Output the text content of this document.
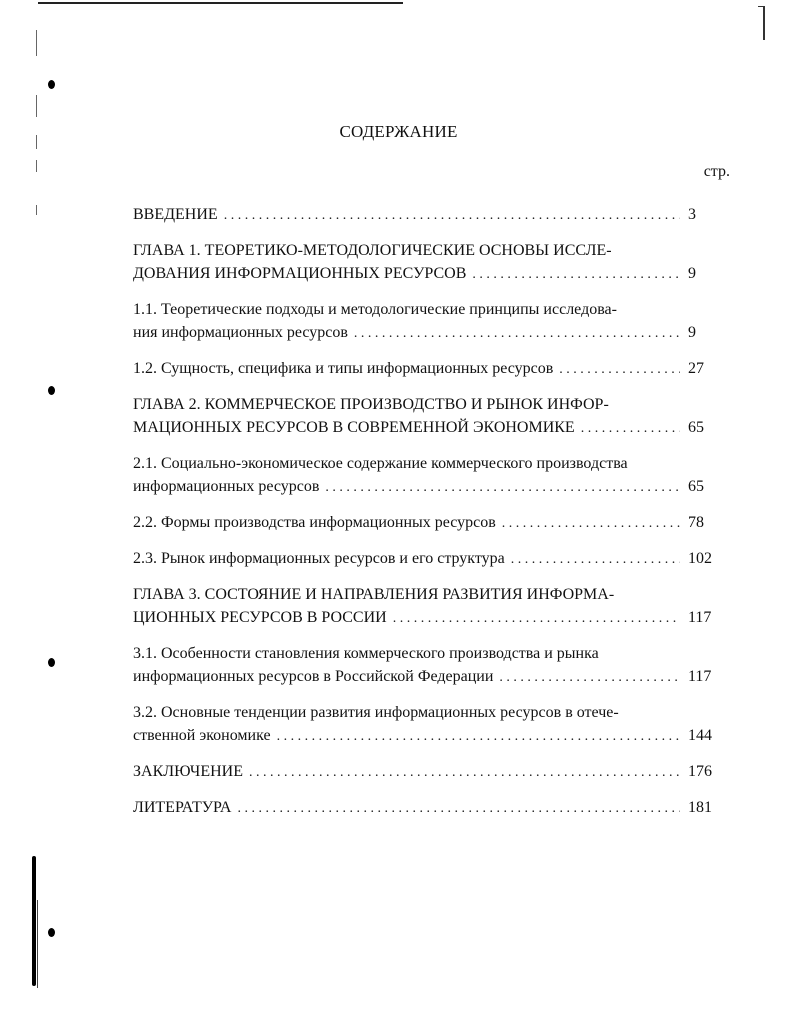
СОДЕРЖАНИЕ
стр.
ВВЕДЕНИЕ . . .	3
ГЛАВА 1. ТЕОРЕТИКО-МЕТОДОЛОГИЧЕСКИЕ ОСНОВЫ ИССЛЕ-
ДОВАНИЯ ИНФОРМАЦИОННЫХ РЕСУРСОВ . . .	9
1.1. Теоретические подходы и методологические принципы исследова-
ния информационных ресурсов . . .	9
1.2. Сущность, специфика и типы информационных ресурсов . . .	27
ГЛАВА 2. КОММЕРЧЕСКОЕ ПРОИЗВОДСТВО И РЫНОК ИНФОР-
МАЦИОННЫХ РЕСУРСОВ В СОВРЕМЕННОЙ ЭКОНОМИКЕ . . .	65
2.1. Социально-экономическое содержание коммерческого производства
информационных ресурсов . . .	65
2.2. Формы производства информационных ресурсов . . .	78
2.3. Рынок информационных ресурсов и его структура . . .	102
ГЛАВА 3. СОСТОЯНИЕ И НАПРАВЛЕНИЯ РАЗВИТИЯ ИНФОРМА-
ЦИОННЫХ РЕСУРСОВ В РОССИИ . . .	117
3.1. Особенности становления коммерческого производства и рынка
информационных ресурсов в Российской Федерации . . .	117
3.2. Основные тенденции развития информационных ресурсов в отече-
ственной экономике . . .	144
ЗАКЛЮЧЕНИЕ . . .	176
ЛИТЕРАТУРА . . .	181
